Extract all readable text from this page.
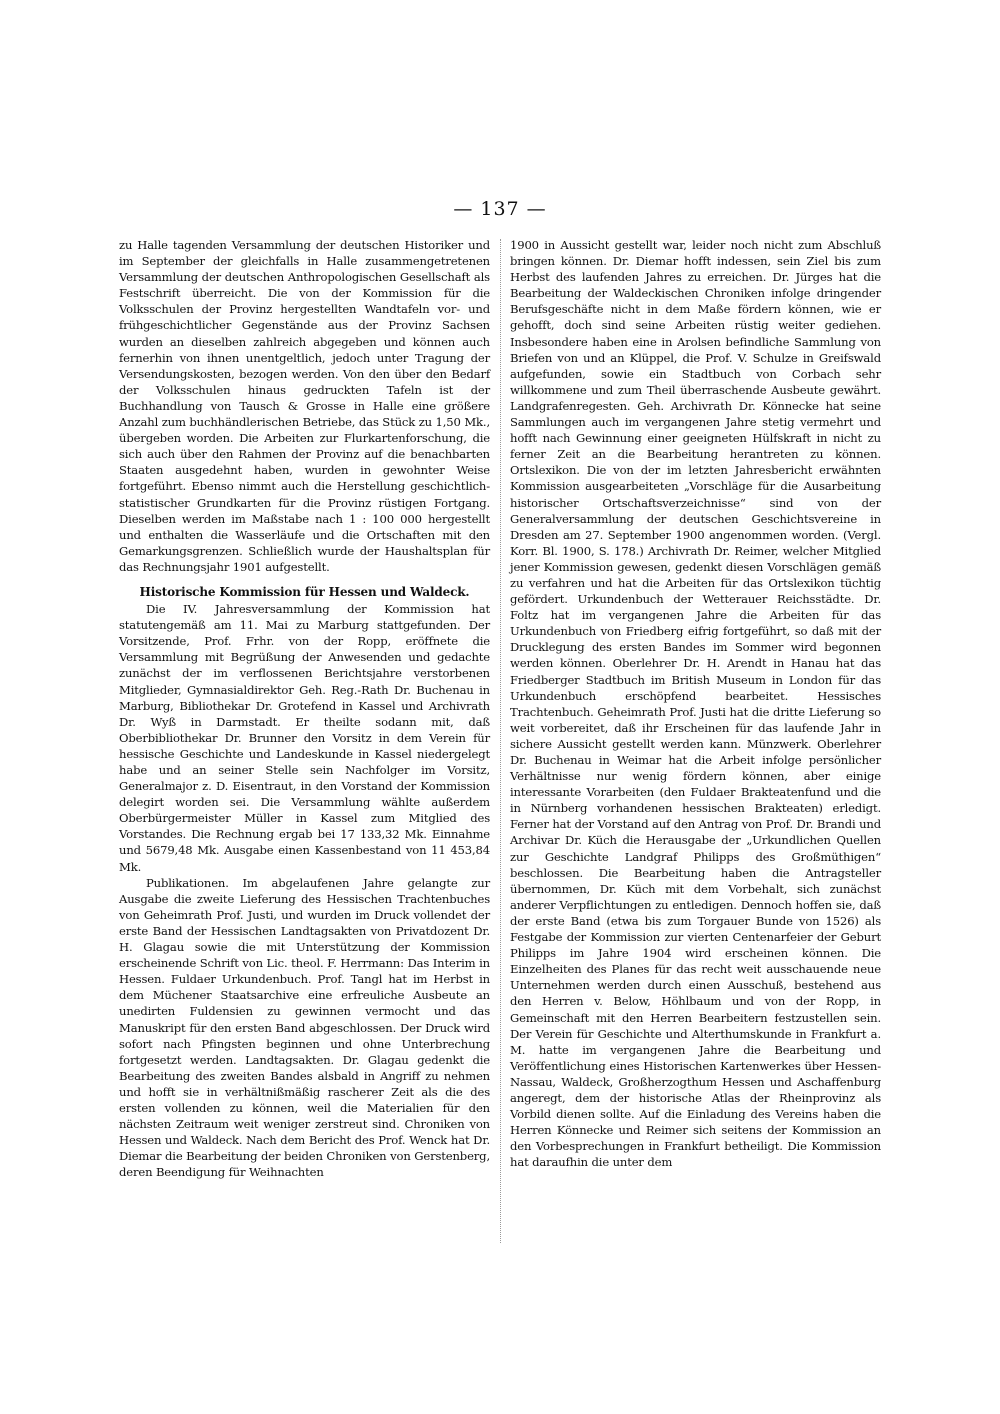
— 137 —

zu Halle tagenden Versammlung der deutschen Historiker und im September der gleichfalls in Halle zusammengetretenen Versammlung der deutschen Anthropologischen Gesellschaft als Festschrift überreicht. Die von der Kommission für die Volksschulen der Provinz hergestellten Wandtafeln vor- und frühgeschichtlicher Gegenstände aus der Provinz Sachsen wurden an dieselben zahlreich abgegeben und können auch fernerhin von ihnen unentgeltlich, jedoch unter Tragung der Versendungskosten, bezogen werden. Von den über den Bedarf der Volksschulen hinaus gedruckten Tafeln ist der Buchhandlung von Tausch & Grosse in Halle eine größere Anzahl zum buchhändlerischen Betriebe, das Stück zu 1,50 Mk., übergeben worden. Die Arbeiten zur Flurkartenforschung, die sich auch über den Rahmen der Provinz auf die benachbarten Staaten ausgedehnt haben, wurden in gewohnter Weise fortgeführt. Ebenso nimmt auch die Herstellung geschichtlich-statistischer Grundkarten für die Provinz rüstigen Fortgang. Dieselben werden im Maßstabe nach 1 : 100 000 hergestellt und enthalten die Wasserläufe und die Ortschaften mit den Gemarkungsgrenzen. Schließlich wurde der Haushaltsplan für das Rechnungsjahr 1901 aufgestellt.

Historische Kommission für Hessen und Waldeck.

Die IV. Jahresversammlung der Kommission hat statutengemäß am 11. Mai zu Marburg stattgefunden. Der Vorsitzende, Prof. Frhr. von der Ropp, eröffnete die Versammlung mit Begrüßung der Anwesenden und gedachte zunächst der im verflossenen Berichtsjahre verstorbenen Mitglieder, Gymnasialdirektor Geh. Reg.-Rath Dr. Buchenau in Marburg, Bibliothekar Dr. Grotefend in Kassel und Archivrath Dr. Wyß in Darmstadt. Er theilte sodann mit, daß Oberbibliothekar Dr. Brunner den Vorsitz in dem Verein für hessische Geschichte und Landeskunde in Kassel niedergelegt habe und an seiner Stelle sein Nachfolger im Vorsitz, Generalmajor z. D. Eisentraut, in den Vorstand der Kommission delegirt worden sei. Die Versammlung wählte außerdem Oberbürgermeister Müller in Kassel zum Mitglied des Vorstandes. Die Rechnung ergab bei 17 133,32 Mk. Einnahme und 5679,48 Mk. Ausgabe einen Kassenbestand von 11 453,84 Mk.

Publikationen. Im abgelaufenen Jahre gelangte zur Ausgabe die zweite Lieferung des Hessischen Trachtenbuches von Geheimrath Prof. Justi, und wurden im Druck vollendet der erste Band der Hessischen Landtagsakten von Privatdozent Dr. H. Glagau sowie die mit Unterstützung der Kommission erscheinende Schrift von Lic. theol. F. Herrmann: Das Interim in Hessen. Fuldaer Urkundenbuch. Prof. Tangl hat im Herbst in dem Müchener Staatsarchive eine erfreuliche Ausbeute an unedirten Fuldensien zu gewinnen vermocht und das Manuskript für den ersten Band abgeschlossen. Der Druck wird sofort nach Pfingsten beginnen und ohne Unterbrechung fortgesetzt werden. Landtagsakten. Dr. Glagau gedenkt die Bearbeitung des zweiten Bandes alsbald in Angriff zu nehmen und hofft sie in verhältnißmäßig rascherer Zeit als die des ersten vollenden zu können, weil die Materialien für den nächsten Zeitraum weit weniger zerstreut sind. Chroniken von Hessen und Waldeck. Nach dem Bericht des Prof. Wenck hat Dr. Diemar die Bearbeitung der beiden Chroniken von Gerstenberg, deren Beendigung für Weihnachten

1900 in Aussicht gestellt war, leider noch nicht zum Abschluß bringen können. Dr. Diemar hofft indessen, sein Ziel bis zum Herbst des laufenden Jahres zu erreichen. Dr. Jürges hat die Bearbeitung der Waldeckischen Chroniken infolge dringender Berufsgeschäfte nicht in dem Maße fördern können, wie er gehofft, doch sind seine Arbeiten rüstig weiter gediehen. Insbesondere haben eine in Arolsen befindliche Sammlung von Briefen von und an Klüppel, die Prof. V. Schulze in Greifswald aufgefunden, sowie ein Stadtbuch von Corbach sehr willkommene und zum Theil überraschende Ausbeute gewährt. Landgrafenregesten. Geh. Archivrath Dr. Könnecke hat seine Sammlungen auch im vergangenen Jahre stetig vermehrt und hofft nach Gewinnung einer geeigneten Hülfskraft in nicht zu ferner Zeit an die Bearbeitung herantreten zu können. Ortslexikon. Die von der im letzten Jahresbericht erwähnten Kommission ausgearbeiteten „Vorschläge für die Ausarbeitung historischer Ortschaftsverzeichnisse“ sind von der Generalversammlung der deutschen Geschichtsvereine in Dresden am 27. September 1900 angenommen worden. (Vergl. Korr. Bl. 1900, S. 178.) Archivrath Dr. Reimer, welcher Mitglied jener Kommission gewesen, gedenkt diesen Vorschlägen gemäß zu verfahren und hat die Arbeiten für das Ortslexikon tüchtig gefördert. Urkundenbuch der Wetterauer Reichsstädte. Dr. Foltz hat im vergangenen Jahre die Arbeiten für das Urkundenbuch von Friedberg eifrig fortgeführt, so daß mit der Drucklegung des ersten Bandes im Sommer wird begonnen werden können. Oberlehrer Dr. H. Arendt in Hanau hat das Friedberger Stadtbuch im British Museum in London für das Urkundenbuch erschöpfend bearbeitet. Hessisches Trachtenbuch. Geheimrath Prof. Justi hat die dritte Lieferung so weit vorbereitet, daß ihr Erscheinen für das laufende Jahr in sichere Aussicht gestellt werden kann. Münzwerk. Oberlehrer Dr. Buchenau in Weimar hat die Arbeit infolge persönlicher Verhältnisse nur wenig fördern können, aber einige interessante Vorarbeiten (den Fuldaer Brakteatenfund und die in Nürnberg vorhandenen hessischen Brakteaten) erledigt. Ferner hat der Vorstand auf den Antrag von Prof. Dr. Brandi und Archivar Dr. Küch die Herausgabe der „Urkundlichen Quellen zur Geschichte Landgraf Philipps des Großmüthigen“ beschlossen. Die Bearbeitung haben die Antragsteller übernommen, Dr. Küch mit dem Vorbehalt, sich zunächst anderer Verpflichtungen zu entledigen. Dennoch hoffen sie, daß der erste Band (etwa bis zum Torgauer Bunde von 1526) als Festgabe der Kommission zur vierten Centenarfeier der Geburt Philipps im Jahre 1904 wird erscheinen können. Die Einzelheiten des Planes für das recht weit ausschauende neue Unternehmen werden durch einen Ausschuß, bestehend aus den Herren v. Below, Höhlbaum und von der Ropp, in Gemeinschaft mit den Herren Bearbeitern festzustellen sein. Der Verein für Geschichte und Alterthumskunde in Frankfurt a. M. hatte im vergangenen Jahre die Bearbeitung und Veröffentlichung eines Historischen Kartenwerkes über Hessen-Nassau, Waldeck, Großherzogthum Hessen und Aschaffenburg angeregt, dem der historische Atlas der Rheinprovinz als Vorbild dienen sollte. Auf die Einladung des Vereins haben die Herren Könnecke und Reimer sich seitens der Kommission an den Vorbesprechungen in Frankfurt betheiligt. Die Kommission hat daraufhin die unter dem
